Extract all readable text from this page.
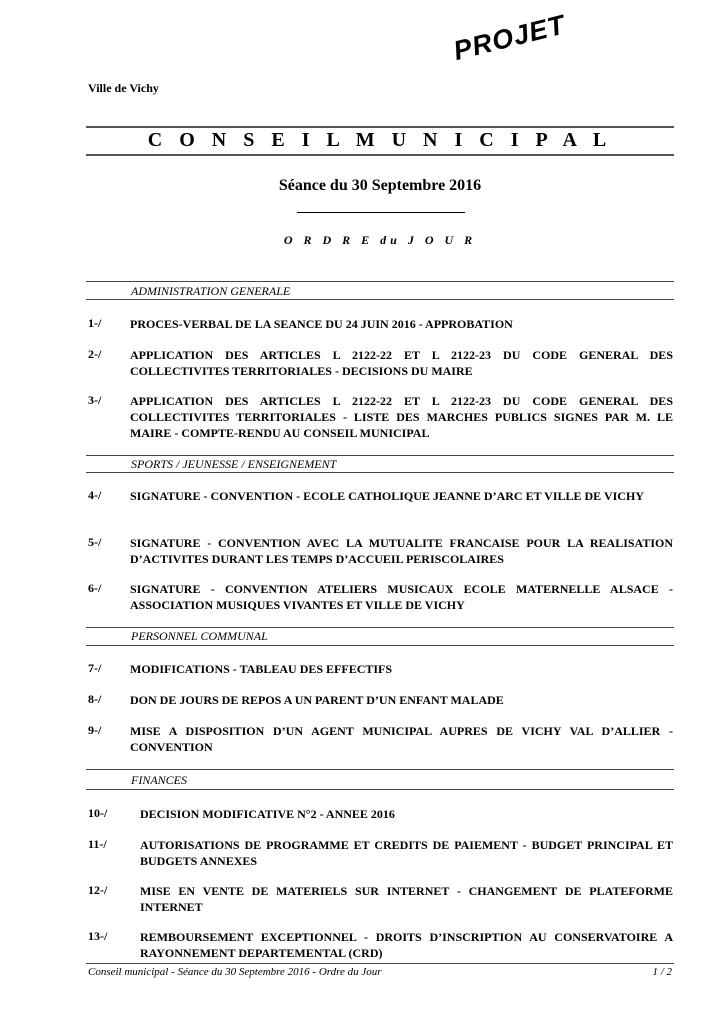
PROJET
Ville de Vichy
C O N S E I L M U N I C I P A L
Séance du 30 Septembre 2016
O R D R E du J O U R
ADMINISTRATION GENERALE
1-/ PROCES-VERBAL DE LA SEANCE DU 24 JUIN 2016 - APPROBATION
2-/ APPLICATION DES ARTICLES L 2122-22 ET L 2122-23 DU CODE GENERAL DES COLLECTIVITES TERRITORIALES - DECISIONS DU MAIRE
3-/ APPLICATION DES ARTICLES L 2122-22 ET L 2122-23 DU CODE GENERAL DES COLLECTIVITES TERRITORIALES - LISTE DES MARCHES PUBLICS SIGNES PAR M. LE MAIRE - COMPTE-RENDU AU CONSEIL MUNICIPAL
SPORTS / JEUNESSE / ENSEIGNEMENT
4-/ SIGNATURE - CONVENTION - ECOLE CATHOLIQUE JEANNE D’ARC ET VILLE DE VICHY
5-/ SIGNATURE - CONVENTION AVEC LA MUTUALITE FRANCAISE POUR LA REALISATION D’ACTIVITES DURANT LES TEMPS D’ACCUEIL PERISCOLAIRES
6-/ SIGNATURE - CONVENTION ATELIERS MUSICAUX ECOLE MATERNELLE ALSACE - ASSOCIATION MUSIQUES VIVANTES ET VILLE DE VICHY
PERSONNEL COMMUNAL
7-/ MODIFICATIONS - TABLEAU DES EFFECTIFS
8-/ DON DE JOURS DE REPOS A UN PARENT D’UN ENFANT MALADE
9-/ MISE A DISPOSITION D’UN AGENT MUNICIPAL AUPRES DE VICHY VAL D’ALLIER - CONVENTION
FINANCES
10-/	DECISION MODIFICATIVE N°2 - ANNEE 2016
11-/	AUTORISATIONS DE PROGRAMME ET CREDITS DE PAIEMENT - BUDGET PRINCIPAL ET BUDGETS ANNEXES
12-/	MISE EN VENTE DE MATERIELS SUR INTERNET - CHANGEMENT DE PLATEFORME INTERNET
13-/	REMBOURSEMENT EXCEPTIONNEL - DROITS D’INSCRIPTION AU CONSERVATOIRE A RAYONNEMENT DEPARTEMENTAL (CRD)
Conseil municipal - Séance du 30 Septembre 2016 - Ordre du Jour	1 / 2
